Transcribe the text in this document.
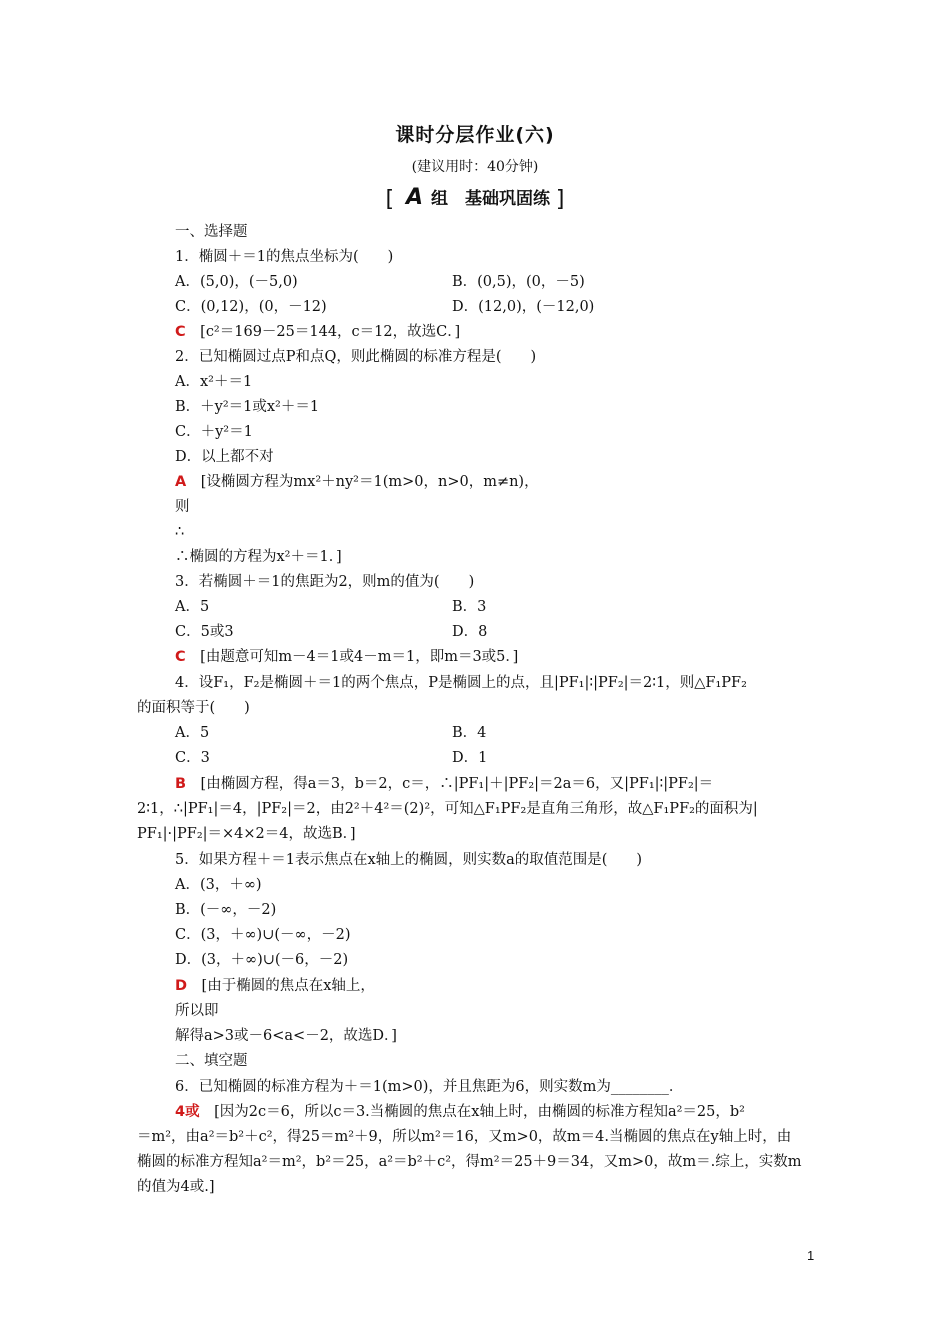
课时分层作业(六)
(建议用时：40分钟)
[ A 组　基础巩固练 ]
一、选择题
1．椭圆＋＝1的焦点坐标为(　　)
A．(5,0)，(－5,0)	B．(0,5)，(0，－5)
C．(0,12)，(0，－12)	D．(12,0)，(－12,0)
C　[c²＝169－25＝144，c＝12，故选C．]
2．已知椭圆过点P和点Q，则此椭圆的标准方程是(　　)
A．x²＋＝1
B．＋y²＝1或x²＋＝1
C．＋y²＝1
D．以上都不对
A　[设椭圆方程为mx²＋ny²＝1(m>0，n>0，m≠n)，
则
∴
∴椭圆的方程为x²＋＝1．]
3．若椭圆＋＝1的焦距为2，则m的值为(　　)
A．5	B．3
C．5或3	D．8
C　[由题意可知m－4＝1或4－m＝1，即m＝3或5．]
4．设F₁，F₂是椭圆＋＝1的两个焦点，P是椭圆上的点，且|PF₁|∶|PF₂|＝2∶1，则△F₁PF₂
的面积等于(　　)
A．5	B．4
C．3	D．1
B　[由椭圆方程，得a＝3，b＝2，c＝，∴|PF₁|＋|PF₂|＝2a＝6，又|PF₁|∶|PF₂|＝
2∶1，∴|PF₁|＝4，|PF₂|＝2，由2²＋4²＝(2)²，可知△F₁PF₂是直角三角形，故△F₁PF₂的面积为|
PF₁|·|PF₂|＝×4×2＝4，故选B．]
5．如果方程＋＝1表示焦点在x轴上的椭圆，则实数a的取值范围是(　　)
A．(3，＋∞)
B．(－∞，－2)
C．(3，＋∞)∪(－∞，－2)
D．(3，＋∞)∪(－6，－2)
D　[由于椭圆的焦点在x轴上，
所以即
解得a>3或－6<a<－2，故选D．]
二、填空题
6．已知椭圆的标准方程为＋＝1(m>0)，并且焦距为6，则实数m为________．
4或　[因为2c＝6，所以c＝3.当椭圆的焦点在x轴上时，由椭圆的标准方程知a²＝25，b²
＝m²，由a²＝b²＋c²，得25＝m²＋9，所以m²＝16，又m>0，故m＝4.当椭圆的焦点在y轴上时，由
椭圆的标准方程知a²＝m²，b²＝25，a²＝b²＋c²，得m²＝25＋9＝34，又m>0，故m＝.综上，实数m
的值为4或.]
1
